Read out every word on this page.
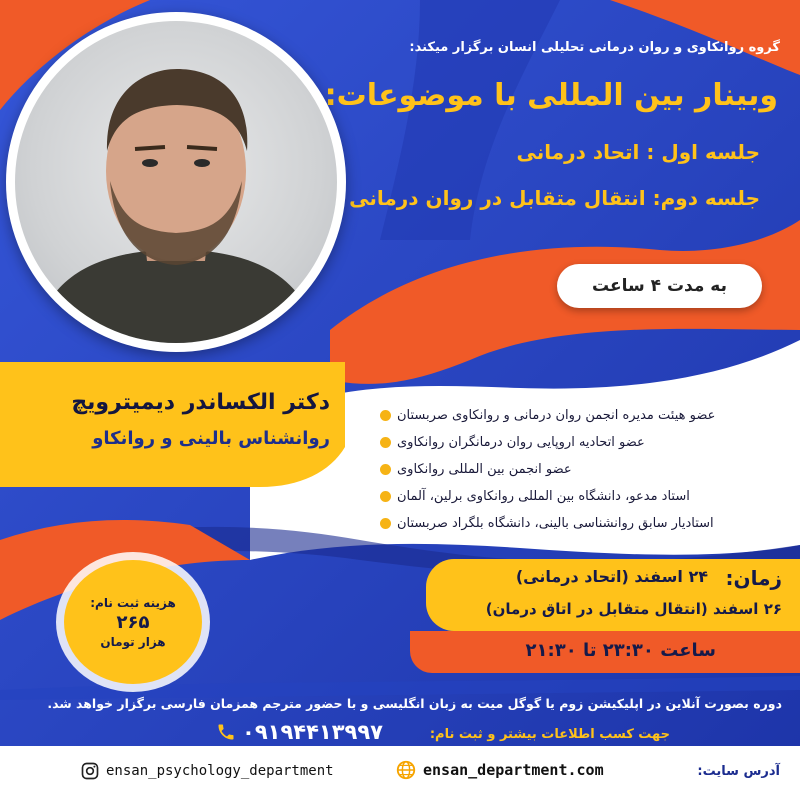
گروه روانکاوی و روان درمانی تحلیلی انسان برگزار میکند:
وبینار بین المللی با موضوعات:
جلسه اول : اتحاد درمانی
جلسه دوم: انتقال متقابل در روان درمانی
به مدت ۴ ساعت
دکتر الکساندر دیمیترویچ
روانشناس بالینی و روانکاو
عضو هیئت مدیره انجمن روان درمانی و روانکاوی صربستان
عضو اتحادیه اروپایی روان درمانگران روانکاوی
عضو انجمن بین المللی روانکاوی
استاد مدعو، دانشگاه بین المللی روانکاوی برلین، آلمان
استادیار سابق روانشناسی بالینی، دانشگاه بلگراد صربستان
هزینه ثبت نام:
۲۶۵
هزار تومان
زمان:
۲۴ اسفند (اتحاد درمانی)
۲۶ اسفند (انتقال متقابل در اتاق درمان)
ساعت ۲۳:۳۰ تا ۲۱:۳۰
دوره بصورت آنلاین در اپلیکیشن زوم یا گوگل میت به زبان انگلیسی و با حضور مترجم همزمان فارسی برگزار خواهد شد.
جهت کسب اطلاعات بیشتر و ثبت نام:
۰۹۱۹۴۴۱۳۹۹۷
ensan_psychology_department	ensan_department.com	آدرس سایت:
